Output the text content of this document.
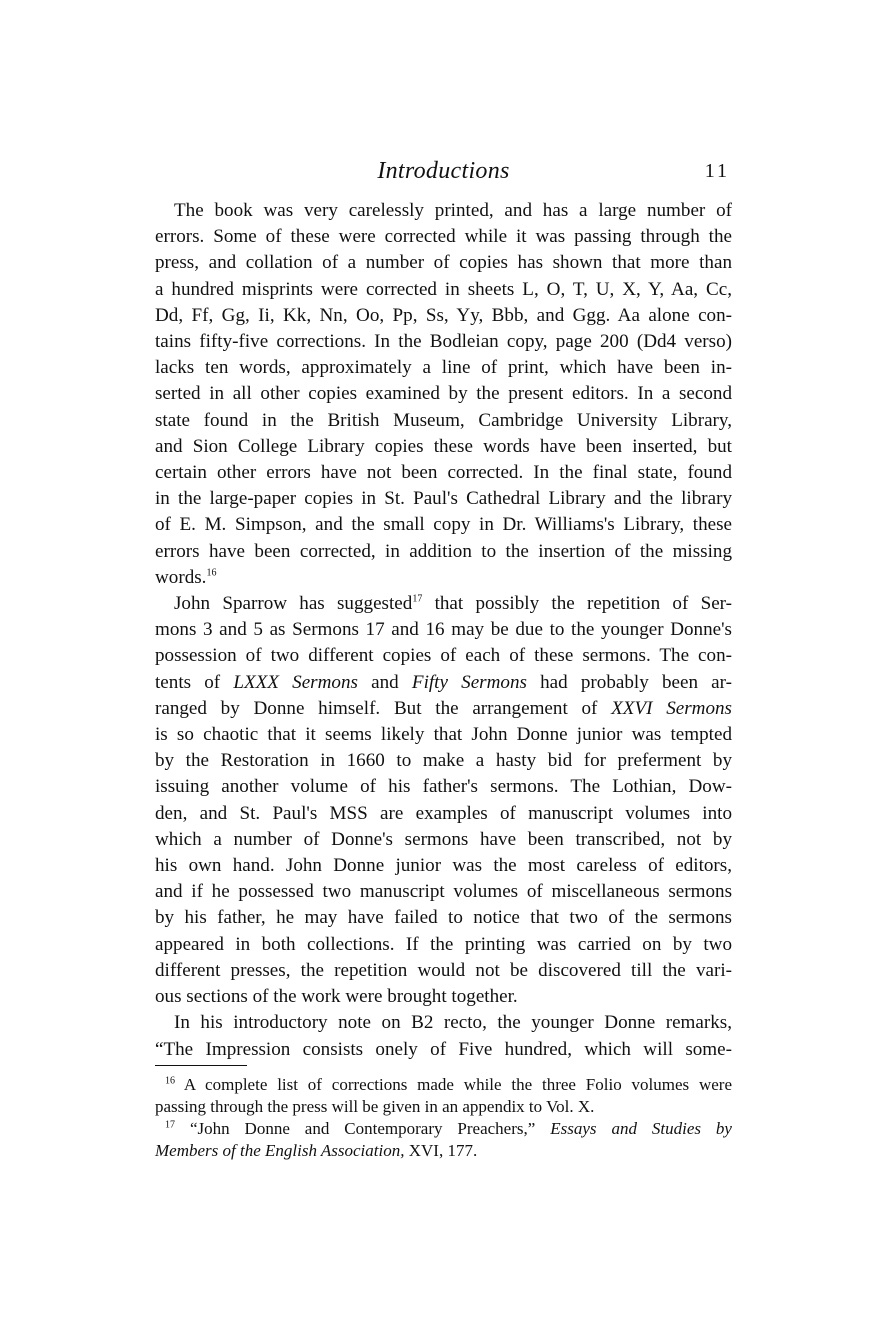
Introductions	11
The book was very carelessly printed, and has a large number of
errors. Some of these were corrected while it was passing through the
press, and collation of a number of copies has shown that more than
a hundred misprints were corrected in sheets L, O, T, U, X, Y, Aa, Cc,
Dd, Ff, Gg, Ii, Kk, Nn, Oo, Pp, Ss, Yy, Bbb, and Ggg. Aa alone con-
tains fifty-five corrections. In the Bodleian copy, page 200 (Dd4 verso)
lacks ten words, approximately a line of print, which have been in-
serted in all other copies examined by the present editors. In a second
state found in the British Museum, Cambridge University Library,
and Sion College Library copies these words have been inserted, but
certain other errors have not been corrected. In the final state, found
in the large-paper copies in St. Paul's Cathedral Library and the library
of E. M. Simpson, and the small copy in Dr. Williams's Library, these
errors have been corrected, in addition to the insertion of the missing
words.$^{16}$
John Sparrow has suggested$^{17}$ that possibly the repetition of Ser-
mons 3 and 5 as Sermons 17 and 16 may be due to the younger Donne's
possession of two different copies of each of these sermons. The con-
tents of LXXX Sermons and Fifty Sermons had probably been ar-
ranged by Donne himself. But the arrangement of XXVI Sermons
is so chaotic that it seems likely that John Donne junior was tempted
by the Restoration in 1660 to make a hasty bid for preferment by
issuing another volume of his father's sermons. The Lothian, Dow-
den, and St. Paul's MSS are examples of manuscript volumes into
which a number of Donne's sermons have been transcribed, not by
his own hand. John Donne junior was the most careless of editors,
and if he possessed two manuscript volumes of miscellaneous sermons
by his father, he may have failed to notice that two of the sermons
appeared in both collections. If the printing was carried on by two
different presses, the repetition would not be discovered till the vari-
ous sections of the work were brought together.
In his introductory note on B2 recto, the younger Donne remarks,
“The Impression consists onely of Five hundred, which will some-
$^{16}$ A complete list of corrections made while the three Folio volumes were
passing through the press will be given in an appendix to Vol. X.
$^{17}$ “John Donne and Contemporary Preachers,” Essays and Studies by
Members of the English Association, XVI, 177.
